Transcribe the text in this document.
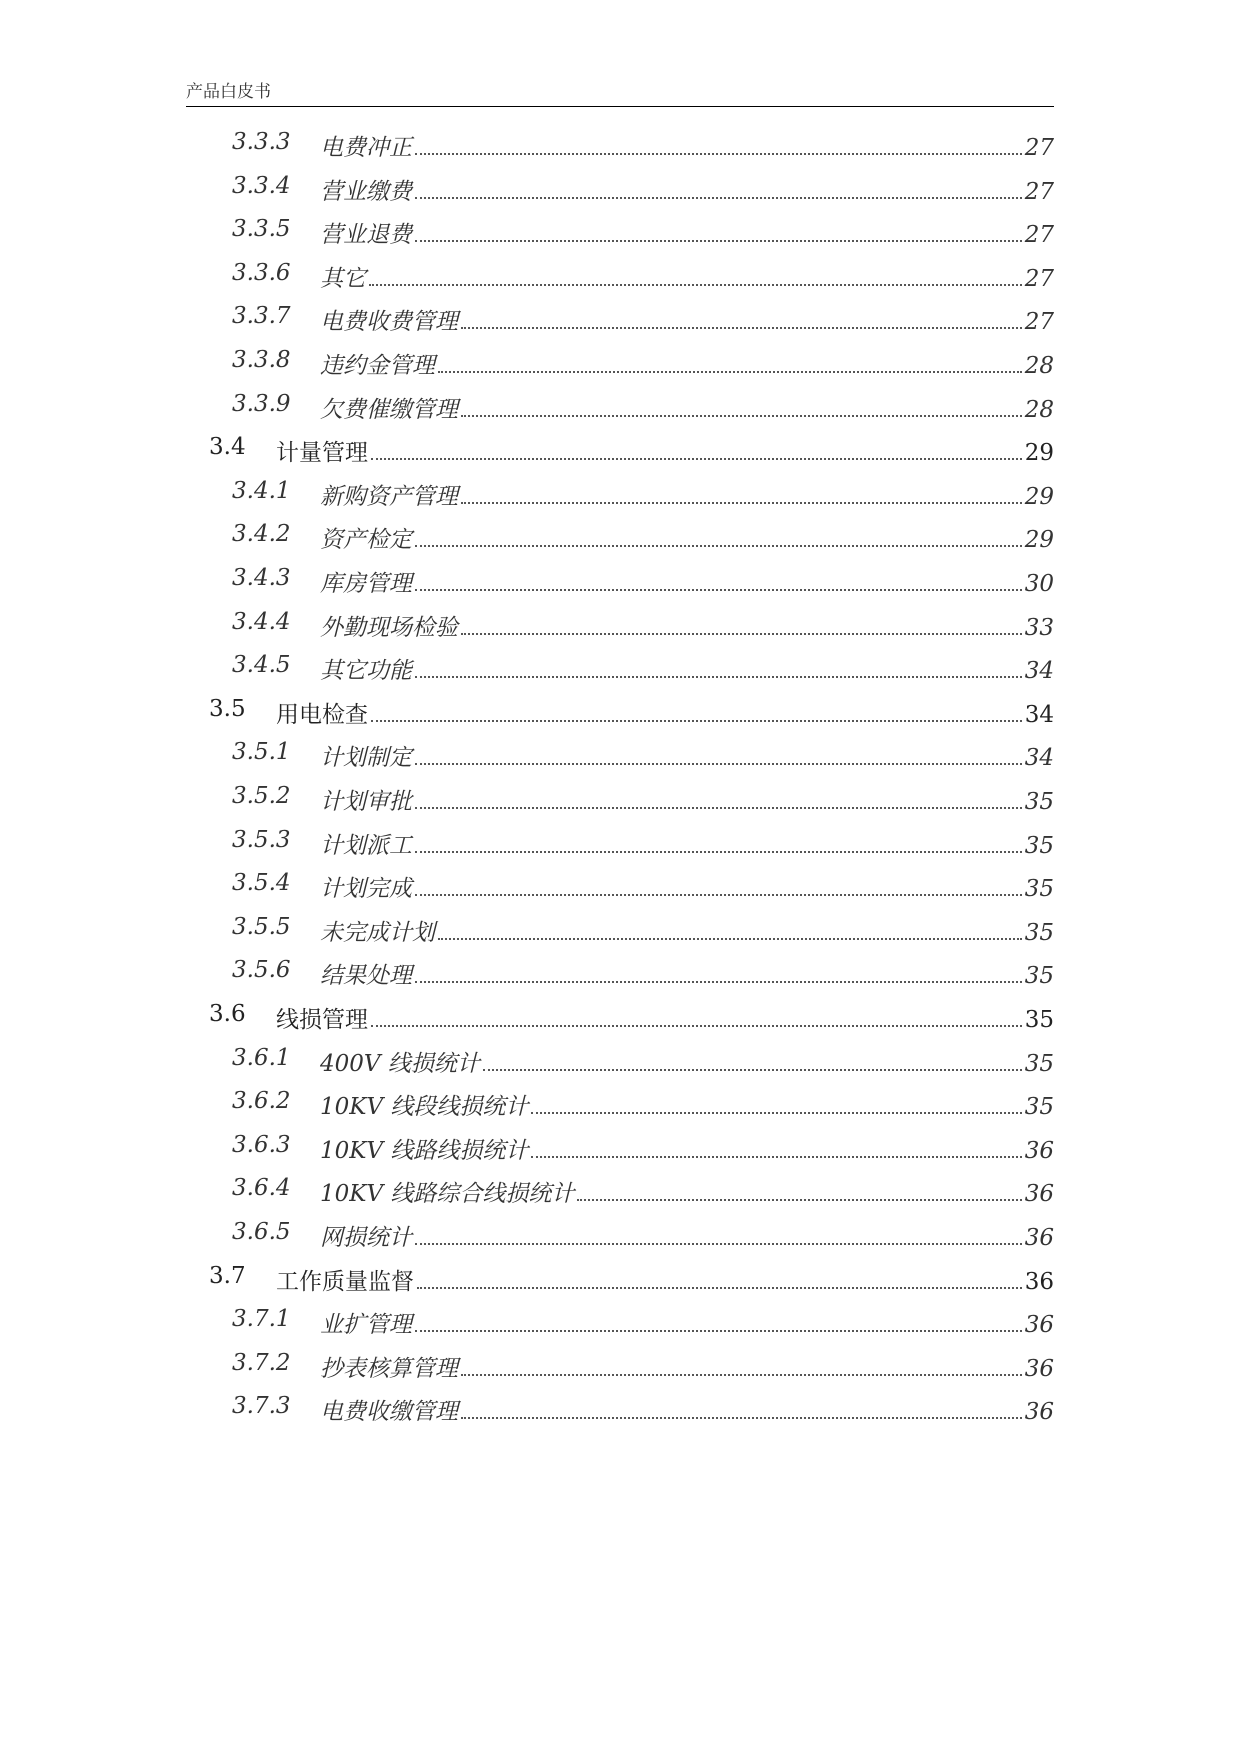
产品白皮书
3.3.3 电费冲正	27
3.3.4 营业缴费	27
3.3.5 营业退费	27
3.3.6 其它	27
3.3.7 电费收费管理	27
3.3.8 违约金管理	28
3.3.9 欠费催缴管理	28
3.4 计量管理	29
3.4.1 新购资产管理	29
3.4.2 资产检定	29
3.4.3 库房管理	30
3.4.4 外勤现场检验	33
3.4.5 其它功能	34
3.5 用电检查	34
3.5.1 计划制定	34
3.5.2 计划审批	35
3.5.3 计划派工	35
3.5.4 计划完成	35
3.5.5 未完成计划	35
3.5.6 结果处理	35
3.6 线损管理	35
3.6.1 400V 线损统计	35
3.6.2 10KV 线段线损统计	35
3.6.3 10KV 线路线损统计	36
3.6.4 10KV 线路综合线损统计	36
3.6.5 网损统计	36
3.7 工作质量监督	36
3.7.1 业扩管理	36
3.7.2 抄表核算管理	36
3.7.3 电费收缴管理	36
